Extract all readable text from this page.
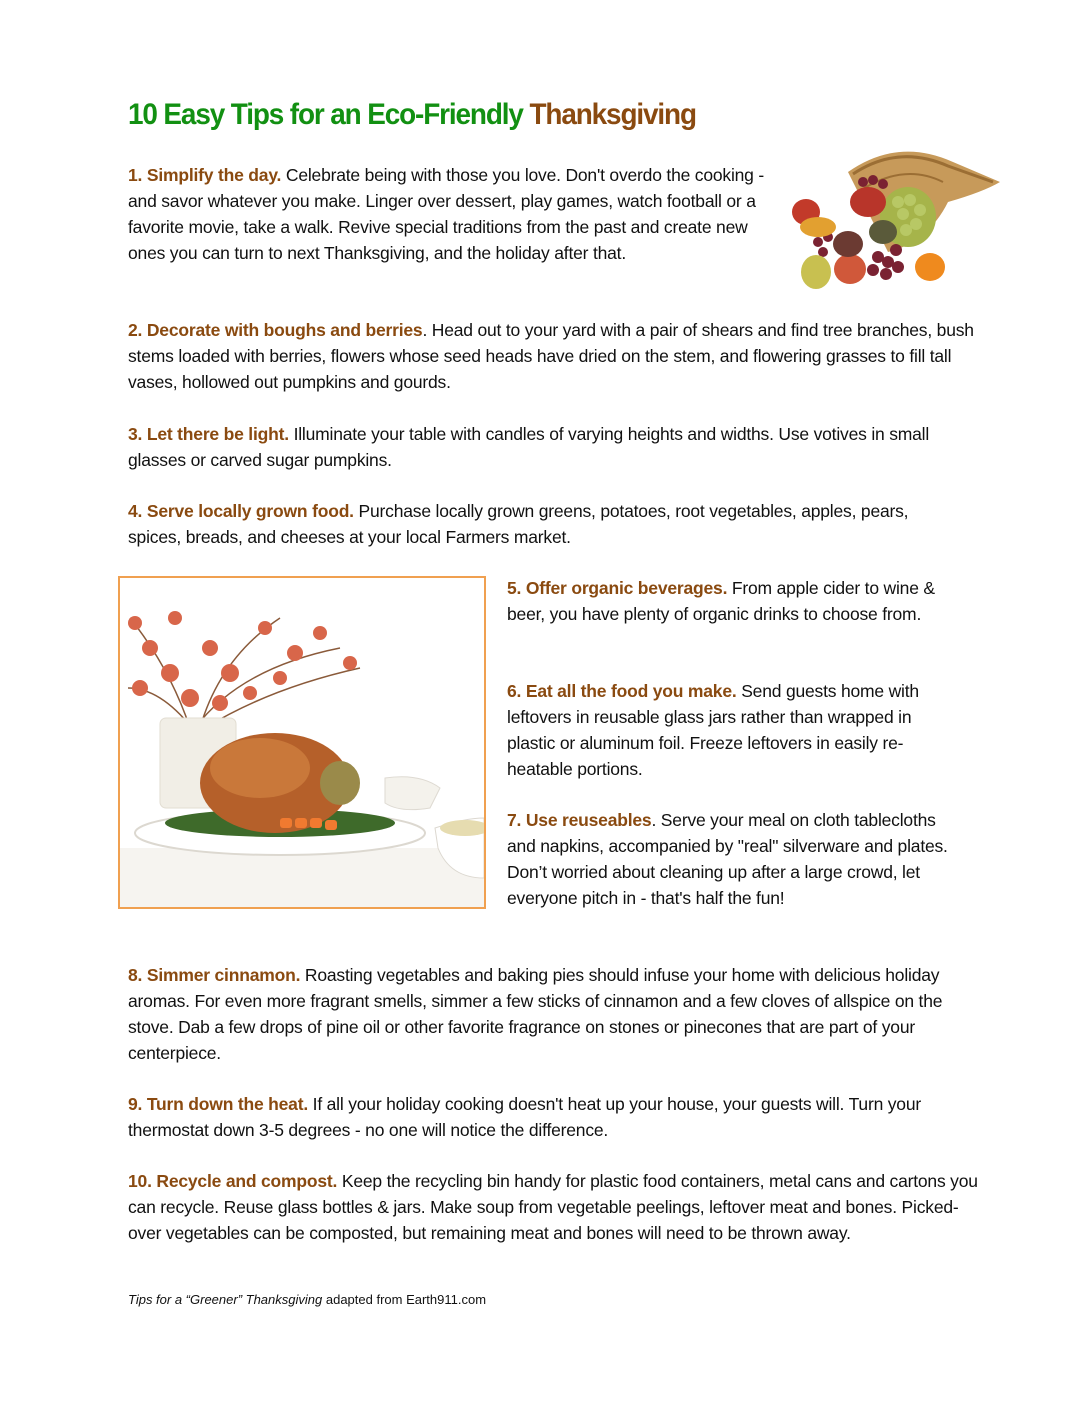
10 Easy Tips for an Eco-Friendly Thanksgiving
1. Simplify the day. Celebrate being with those you love. Don't overdo the cooking - and savor whatever you make. Linger over dessert, play games, watch football or a favorite movie, take a walk. Revive special traditions from the past and create new ones you can turn to next Thanksgiving, and the holiday after that.
2. Decorate with boughs and berries. Head out to your yard with a pair of shears and find tree branches, bush stems loaded with berries, flowers whose seed heads have dried on the stem, and flowering grasses to fill tall vases, hollowed out pumpkins and gourds.
3. Let there be light. Illuminate your table with candles of varying heights and widths. Use votives in small glasses or carved sugar pumpkins.
4. Serve locally grown food. Purchase locally grown greens, potatoes, root vegetables, apples, pears, spices, breads, and cheeses at your local Farmers market.
5. Offer organic beverages. From apple cider to wine & beer, you have plenty of organic drinks to choose from.
6. Eat all the food you make. Send guests home with leftovers in reusable glass jars rather than wrapped in plastic or aluminum foil. Freeze leftovers in easily re-heatable portions.
7. Use reuseables. Serve your meal on cloth tablecloths and napkins, accompanied by "real" silverware and plates. Don’t worried about cleaning up after a large crowd, let everyone pitch in - that's half the fun!
8. Simmer cinnamon. Roasting vegetables and baking pies should infuse your home with delicious holiday aromas. For even more fragrant smells, simmer a few sticks of cinnamon and a few cloves of allspice on the stove. Dab a few drops of pine oil or other favorite fragrance on stones or pinecones that are part of your centerpiece.
9. Turn down the heat. If all your holiday cooking doesn't heat up your house, your guests will. Turn your thermostat down 3-5 degrees - no one will notice the difference.
10. Recycle and compost. Keep the recycling bin handy for plastic food containers, metal cans and cartons you can recycle. Reuse glass bottles & jars. Make soup from vegetable peelings, leftover meat and bones. Picked-over vegetables can be composted, but remaining meat and bones will need to be thrown away.
Tips for a “Greener” Thanksgiving adapted from Earth911.com
